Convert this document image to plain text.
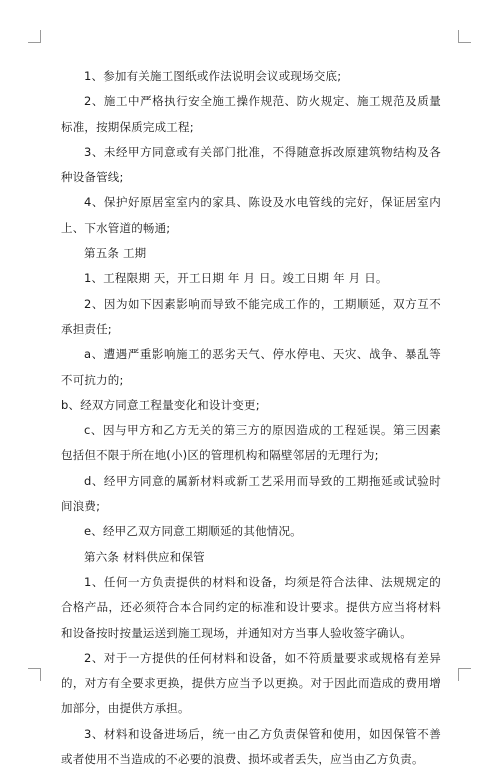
1、参加有关施工图纸或作法说明会议或现场交底;

2、施工中严格执行安全施工操作规范、防火规定、施工规范及质量标准，按期保质完成工程;

3、未经甲方同意或有关部门批准，不得随意拆改原建筑物结构及各种设备管线;

4、保护好原居室室内的家具、陈设及水电管线的完好，保证居室内上、下水管道的畅通;

第五条 工期

1、工程限期 天，开工日期 年 月 日。竣工日期 年 月 日。

2、因为如下因素影响而导致不能完成工作的，工期顺延，双方互不承担责任;

a、遭遇严重影响施工的恶劣天气、停水停电、天灾、战争、暴乱等不可抗力的;

b、经双方同意工程量变化和设计变更;

c、因与甲方和乙方无关的第三方的原因造成的工程延误。第三因素包括但不限于所在地(小)区的管理机构和隔壁邻居的无理行为;

d、经甲方同意的属新材料或新工艺采用而导致的工期拖延或试验时间浪费;

e、经甲乙双方同意工期顺延的其他情况。

第六条 材料供应和保管

1、任何一方负责提供的材料和设备，均须是符合法律、法规规定的合格产品，还必须符合本合同约定的标准和设计要求。提供方应当将材料和设备按时按量运送到施工现场，并通知对方当事人验收签字确认。

2、对于一方提供的任何材料和设备，如不符质量要求或规格有差异的，对方有全要求更换，提供方应当予以更换。对于因此而造成的费用增加部分，由提供方承担。

3、材料和设备进场后，统一由乙方负责保管和使用，如因保管不善或者使用不当造成的不必要的浪费、损坏或者丢失，应当由乙方负责。
